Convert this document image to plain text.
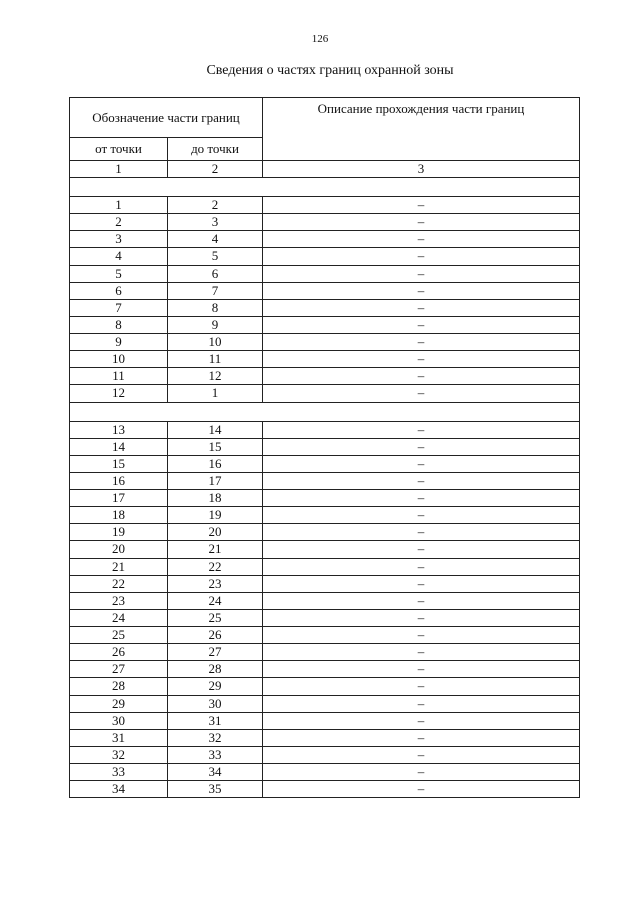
126
Сведения о частях границ охранной зоны
Обозначение части границ		Описание прохождения части границ
от точки	до точки	
1	2	3

1	2	–
2	3	–
3	4	–
4	5	–
5	6	–
6	7	–
7	8	–
8	9	–
9	10	–
10	11	–
11	12	–
12	1	–

13	14	–
14	15	–
15	16	–
16	17	–
17	18	–
18	19	–
19	20	–
20	21	–
21	22	–
22	23	–
23	24	–
24	25	–
25	26	–
26	27	–
27	28	–
28	29	–
29	30	–
30	31	–
31	32	–
32	33	–
33	34	–
34	35	–
